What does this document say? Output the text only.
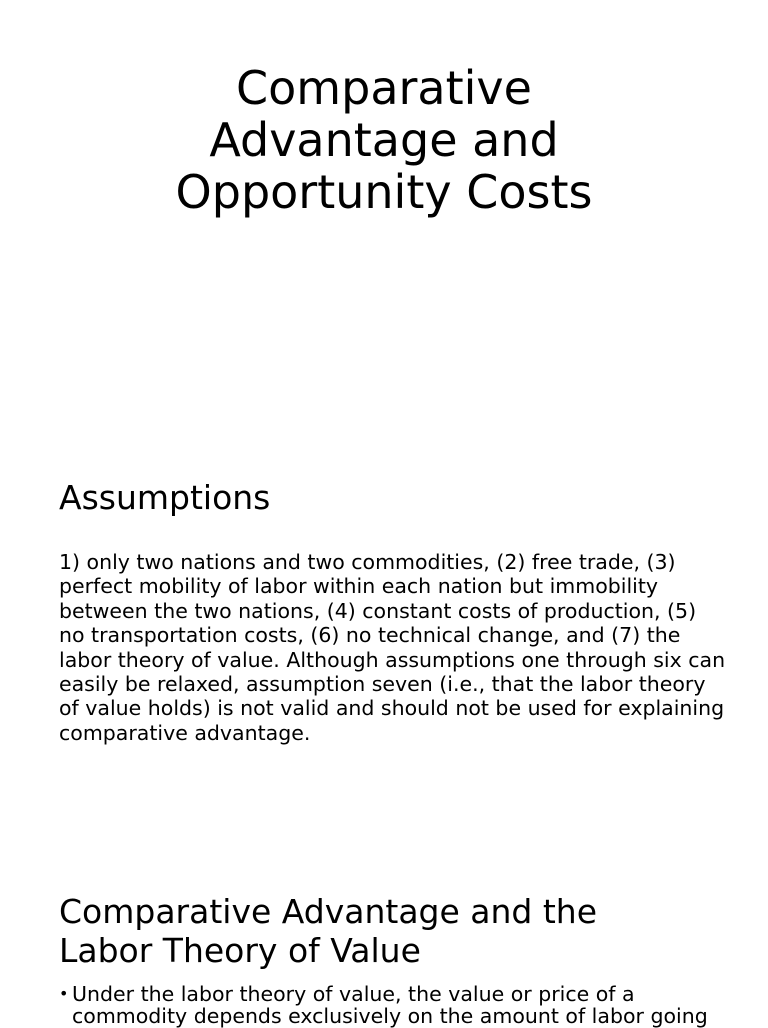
Comparative
Advantage and
Opportunity Costs
Assumptions

1) only two nations and two commodities, (2) free trade, (3) perfect mobility of labor within each nation but immobility between the two nations, (4) constant costs of production, (5) no transportation costs, (6) no technical change, and (7) the labor theory of value. Although assumptions one through six can easily be relaxed, assumption seven (i.e., that the labor theory of value holds) is not valid and should not be used for explaining comparative advantage.

Comparative Advantage and the
Labor Theory of Value
• Under the labor theory of value, the value or price of a commodity depends exclusively on the amount of labor going
